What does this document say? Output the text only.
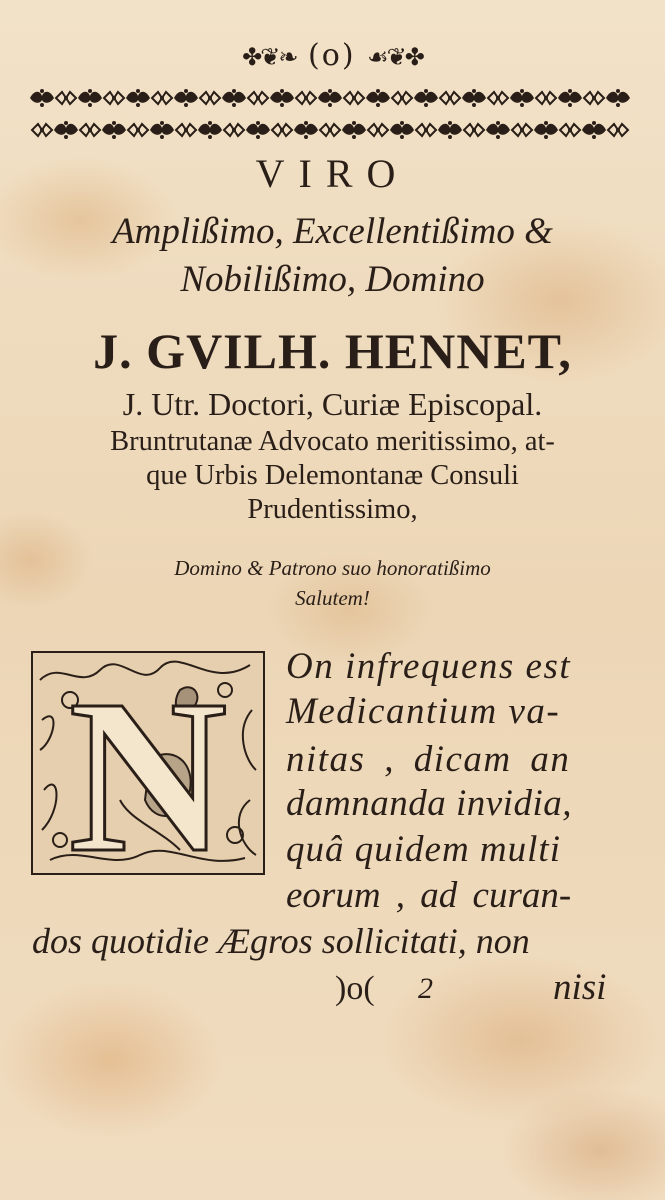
✤❦❧ (o) ☙❦✤
VIRO
Amplißimo, Excellentißimo &
Nobilißimo, Domino
J. GVILH. HENNET,
J. Utr. Doctori, Curiæ Episcopal.
Bruntrutanæ Advocato meritissimo, at-
que Urbis Delemontanæ Consuli
Prudentissimo,
Domino & Patrono suo honoratißimo
Salutem!
N On infrequens est
Medicantium va-
nitas , dicam an
damnanda invidia,
quâ quidem multi
eorum , ad curan-
dos quotidie Ægros sollicitati, non
)o( 2	nisi
